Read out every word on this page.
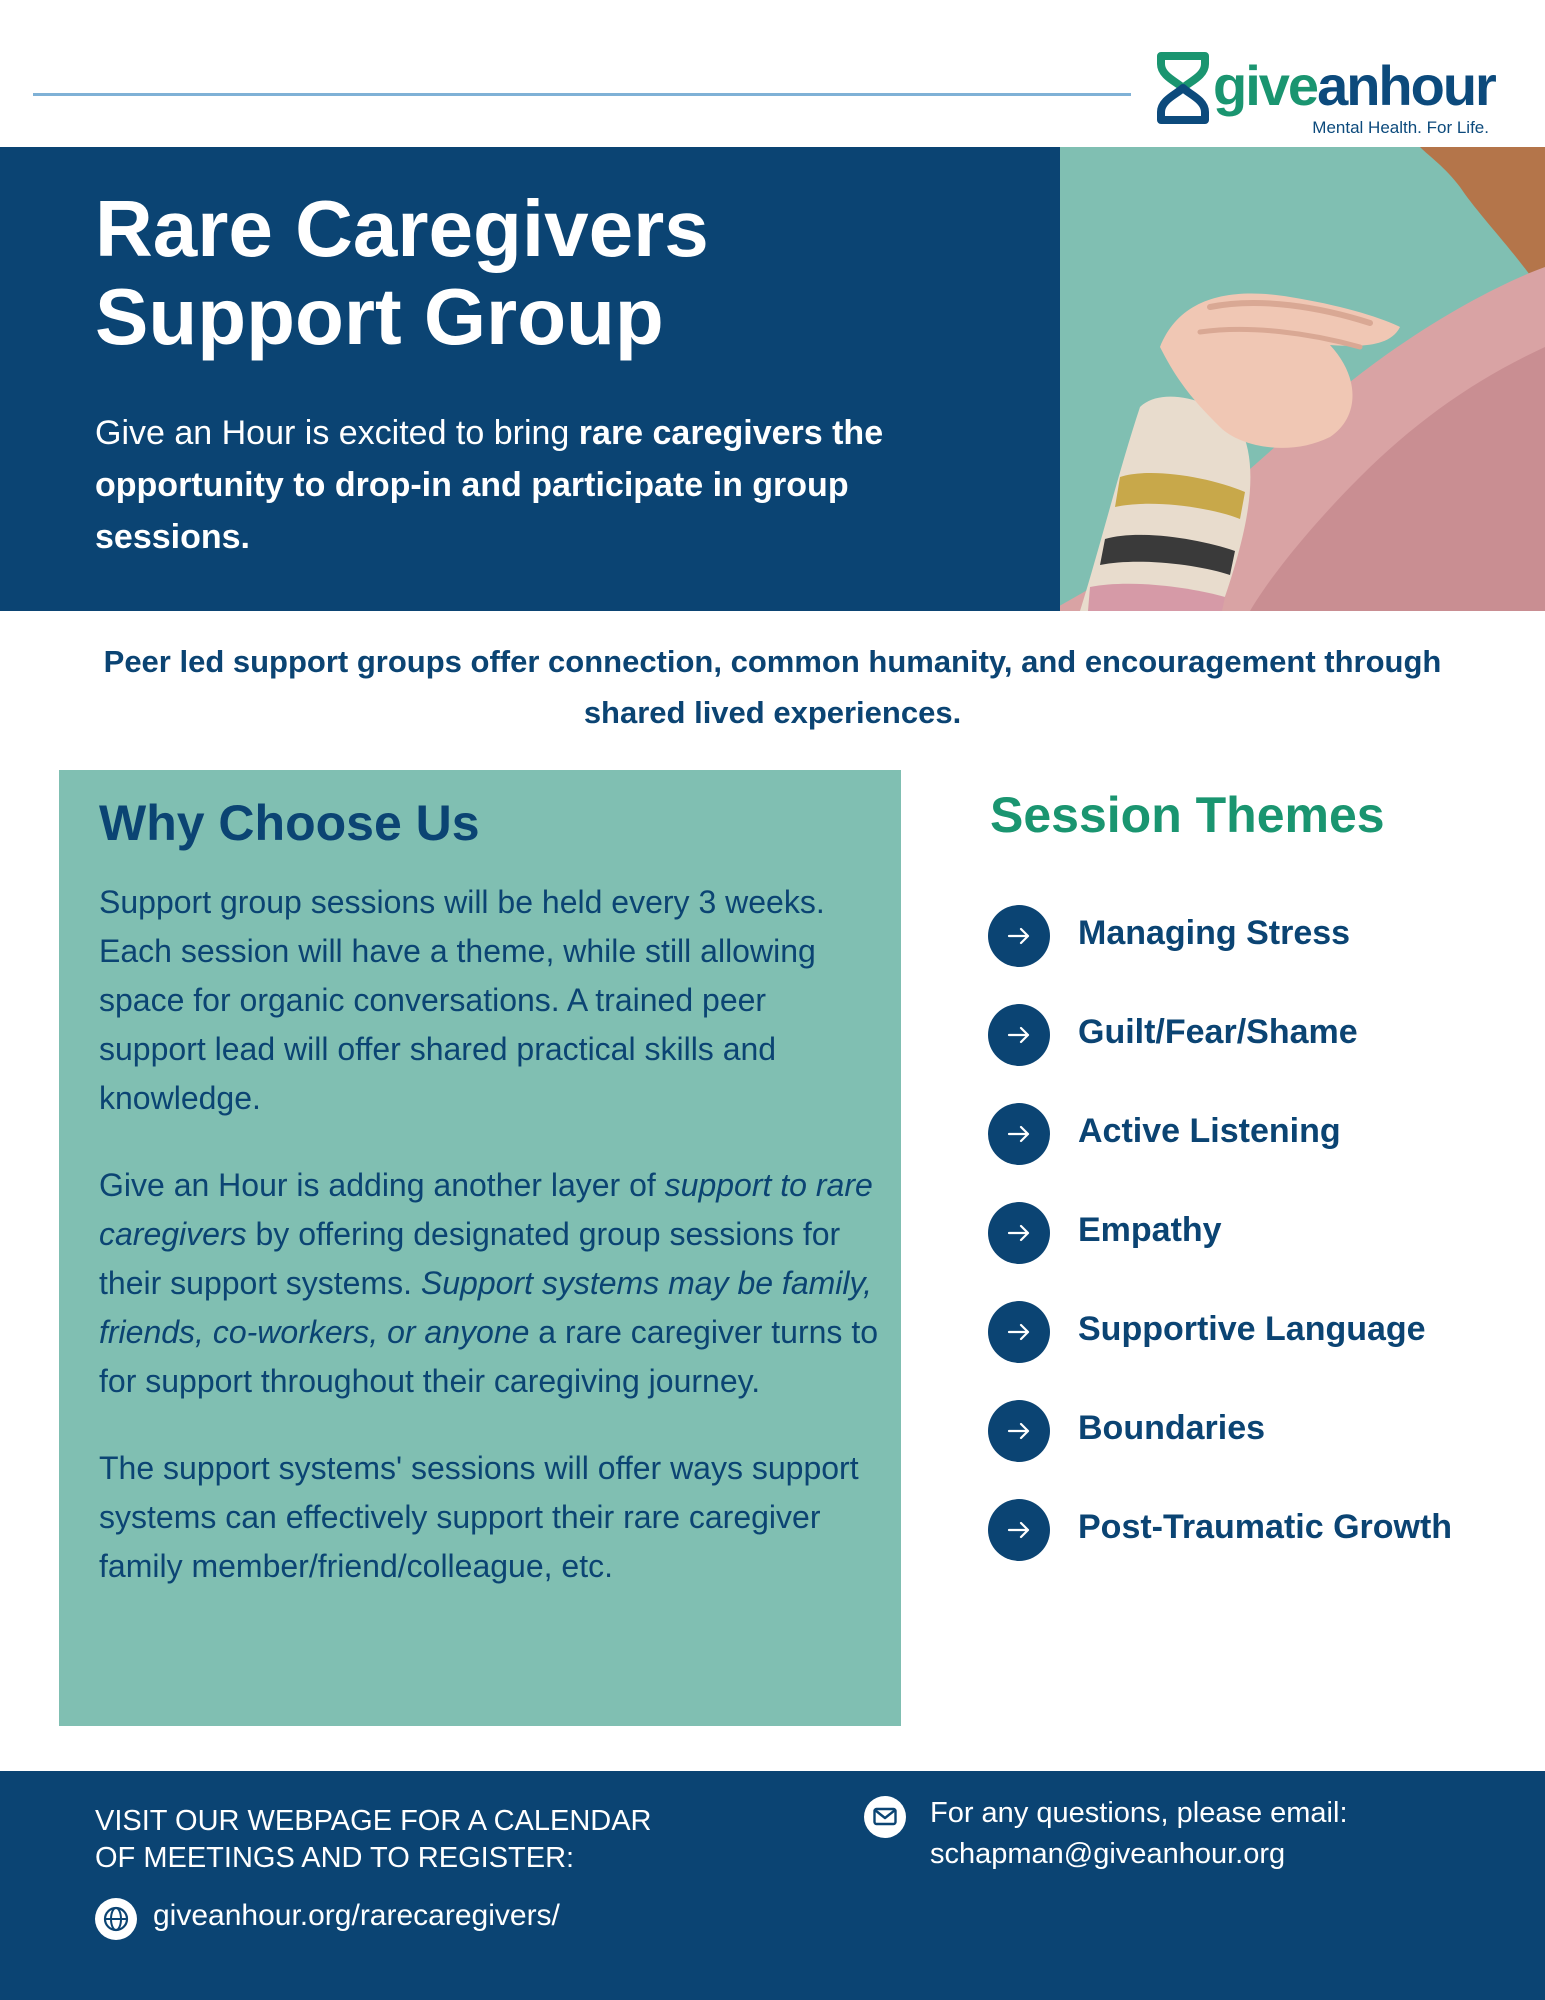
giveanhour
Mental Health. For Life.
Rare Caregivers
Support Group

Give an Hour is excited to bring rare caregivers the opportunity to drop-in and participate in group sessions.

Peer led support groups offer connection, common humanity, and encouragement through shared lived experiences.

Why Choose Us

Support group sessions will be held every 3 weeks. Each session will have a theme, while still allowing space for organic conversations. A trained peer support lead will offer shared practical skills and knowledge.

Give an Hour is adding another layer of support to rare caregivers by offering designated group sessions for their support systems. Support systems may be family, friends, co-workers, or anyone a rare caregiver turns to for support throughout their caregiving journey.

The support systems' sessions will offer ways support systems can effectively support their rare caregiver family member/friend/colleague, etc.

Session Themes
Managing Stress
Guilt/Fear/Shame
Active Listening
Empathy
Supportive Language
Boundaries
Post-Traumatic Growth
VISIT OUR WEBPAGE FOR A CALENDAR
OF MEETINGS AND TO REGISTER:
giveanhour.org/rarecaregivers/
For any questions, please email:
schapman@giveanhour.org
